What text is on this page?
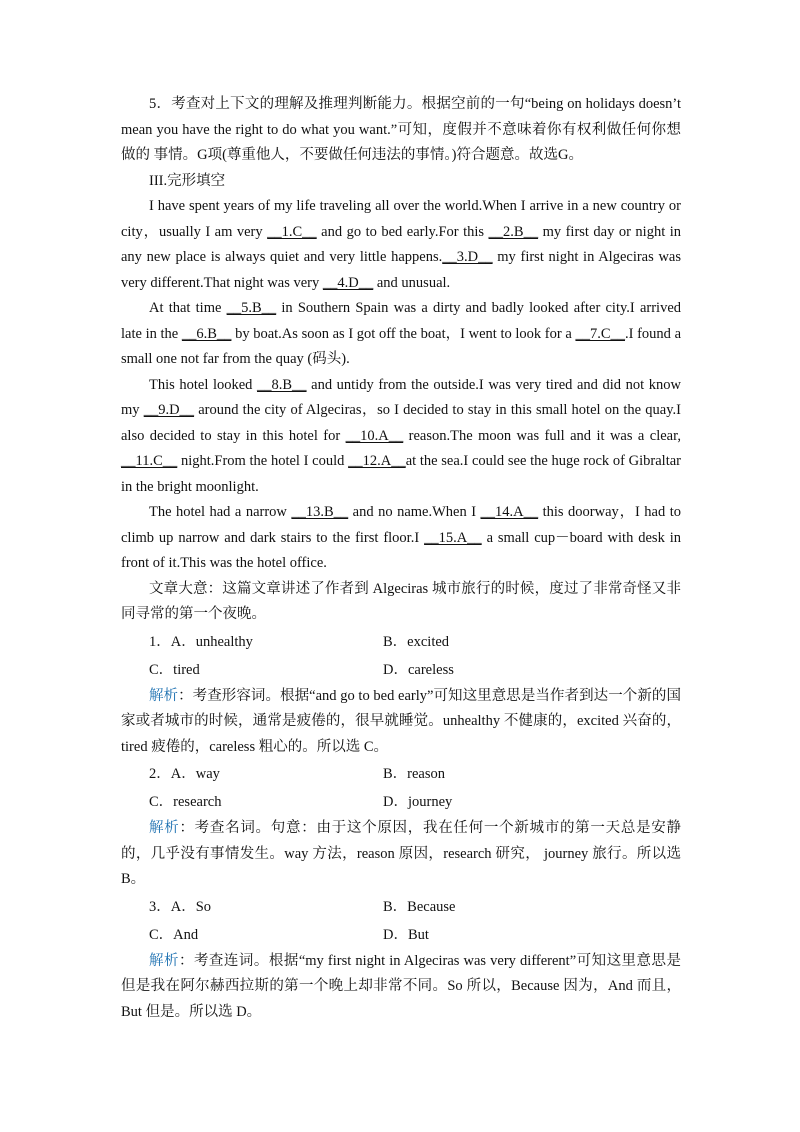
5．考查对上下文的理解及推理判断能力。根据空前的一句“being on holidays doesn’t mean you have the right to do what you want.”可知，度假并不意味着你有权利做任何你想做的 事情。G项(尊重他人，不要做任何违法的事情。)符合题意。故选G。

III.完形填空

I have spent years of my life traveling all over the world.When I arrive in a new country or city，usually I am very __1.C__ and go to bed early.For this __2.B__ my first day or night in any new place is always quiet and very little happens.__3.D__ my first night in Algeciras was very different.That night was very __4.D__ and unusual.

At that time __5.B__ in Southern Spain was a dirty and badly looked after city.I arrived late in the __6.B__ by boat.As soon as I got off the boat，I went to look for a __7.C__.I found a small one not far from the quay (码头).

This hotel looked __8.B__ and untidy from the outside.I was very tired and did not know my __9.D__ around the city of Algeciras，so I decided to stay in this small hotel on the quay.I also decided to stay in this hotel for __10.A__ reason.The moon was full and it was a clear, __11.C__ night.From the hotel I could __12.A__at the sea.I could see the huge rock of Gibraltar in the bright moonlight.

The hotel had a narrow __13.B__ and no name.When I __14.A__ this doorway，I had to climb up narrow and dark stairs to the first floor.I __15.A__ a small cup－board with desk in front of it.This was the hotel office.

文章大意：这篇文章讲述了作者到 Algeciras 城市旅行的时候，度过了非常奇怪又非同寻常的第一个夜晚。

1．A．unhealthy	B．excited
C．tired	D．careless

解析：考查形容词。根据“and go to bed early”可知这里意思是当作者到达一个新的国家或者城市的时候，通常是疲倦的，很早就睡觉。unhealthy 不健康的，excited 兴奋的，tired 疲倦的，careless 粗心的。所以选 C。

2．A．way	B．reason
C．research	D．journey

解析：考查名词。句意：由于这个原因，我在任何一个新城市的第一天总是安静的，几乎没有事情发生。way 方法，reason 原因，research 研究， journey 旅行。所以选 B。

3．A．So	B．Because
C．And	D．But

解析：考查连词。根据“my first night in Algeciras was very different”可知这里意思是但是我在阿尔赫西拉斯的第一个晚上却非常不同。So 所以，Because 因为，And 而且，But 但是。所以选 D。
